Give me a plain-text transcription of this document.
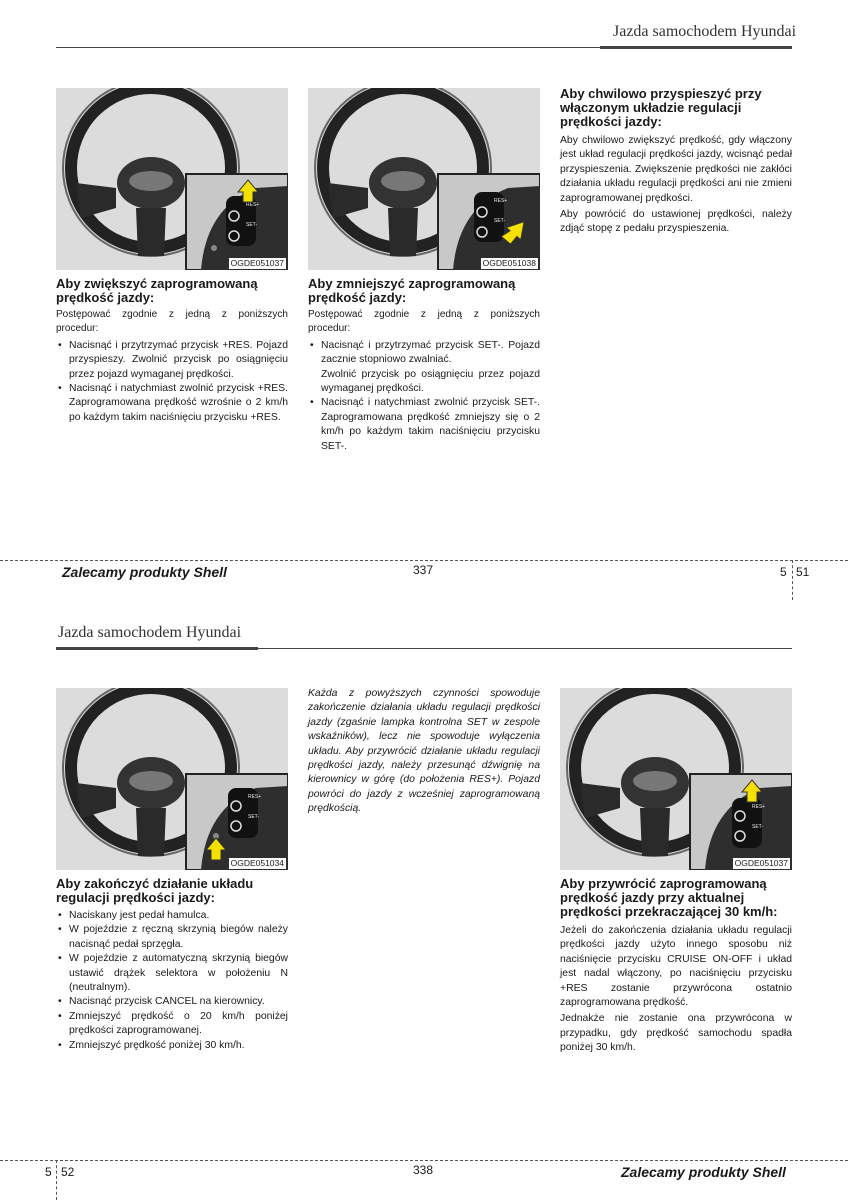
Jazda samochodem Hyundai
RES+
SET-
OGDE051037
RES+
SET-
OGDE051038
Aby zwiększyć zaprogramowaną
prędkość jazdy:
Postępować zgodnie z jedną z poniższych procedur:
• Nacisnąć i przytrzymać przycisk +RES. Pojazd przyspieszy. Zwolnić przycisk po osiągnięciu przez pojazd wymaganej prędkości.
• Nacisnąć i natychmiast zwolnić przycisk +RES. Zaprogramowana prędkość wzrośnie o 2 km/h po każdym takim naciśnięciu przycisku +RES.
Aby zmniejszyć zaprogramowaną
prędkość jazdy:
Postępować zgodnie z jedną z poniższych procedur:
• Nacisnąć i przytrzymać przycisk SET-. Pojazd zacznie stopniowo zwalniać.
Zwolnić przycisk po osiągnięciu przez pojazd wymaganej prędkości.
• Nacisnąć i natychmiast zwolnić przycisk SET-. Zaprogramowana prędkość zmniejszy się o 2 km/h po każdym takim naciśnięciu przycisku SET-.
Aby chwilowo przyspieszyć przy
włączonym układzie regulacji
prędkości jazdy:

Aby chwilowo zwiększyć prędkość, gdy włączony jest układ regulacji prędkości jazdy, wcisnąć pedał przyspieszenia. Zwiększenie prędkości nie zakłóci działania układu regulacji prędkości ani nie zmieni zaprogramowanej prędkości.

Aby powrócić do ustawionej prędkości, należy zdjąć stopę z pedału przyspieszenia.

Zalecamy produkty Shell	337	5 51
Jazda samochodem Hyundai
RES+
SET-
OGDE051034
Aby zakończyć działanie układu
regulacji prędkości jazdy:
• Naciskany jest pedał hamulca.
• W pojeździe z ręczną skrzynią biegów należy nacisnąć pedał sprzęgła.
• W pojeździe z automatyczną skrzynią biegów ustawić drążek selektora w położeniu N (neutralnym).
• Nacisnąć przycisk CANCEL na kierownicy.
• Zmniejszyć prędkość o 20 km/h poniżej prędkości zaprogramowanej.
• Zmniejszyć prędkość poniżej 30 km/h.
Każda z powyższych czynności spowoduje zakończenie działania układu regulacji prędkości jazdy (zgaśnie lampka kontrolna SET w zespole wskaźników), lecz nie spowoduje wyłączenia układu. Aby przywrócić działanie układu regulacji prędkości jazdy, należy przesunąć dźwignię na kierownicy w górę (do położenia RES+). Pojazd powróci do jazdy z wcześniej zaprogramowaną prędkością.	RES+
SET-
OGDE051037
Aby przywrócić zaprogramowaną
prędkość jazdy przy aktualnej
prędkości przekraczającej 30 km/h:

Jeżeli do zakończenia działania układu regulacji prędkości jazdy użyto innego sposobu niż naciśnięcie przycisku CRUISE ON-OFF i układ jest nadal włączony, po naciśnięciu przycisku +RES zostanie przywrócona ostatnio zaprogramowana prędkość.

Jednakże nie zostanie ona przywrócona w przypadku, gdy prędkość samochodu spadła poniżej 30 km/h.

5 52	338	Zalecamy produkty Shell
